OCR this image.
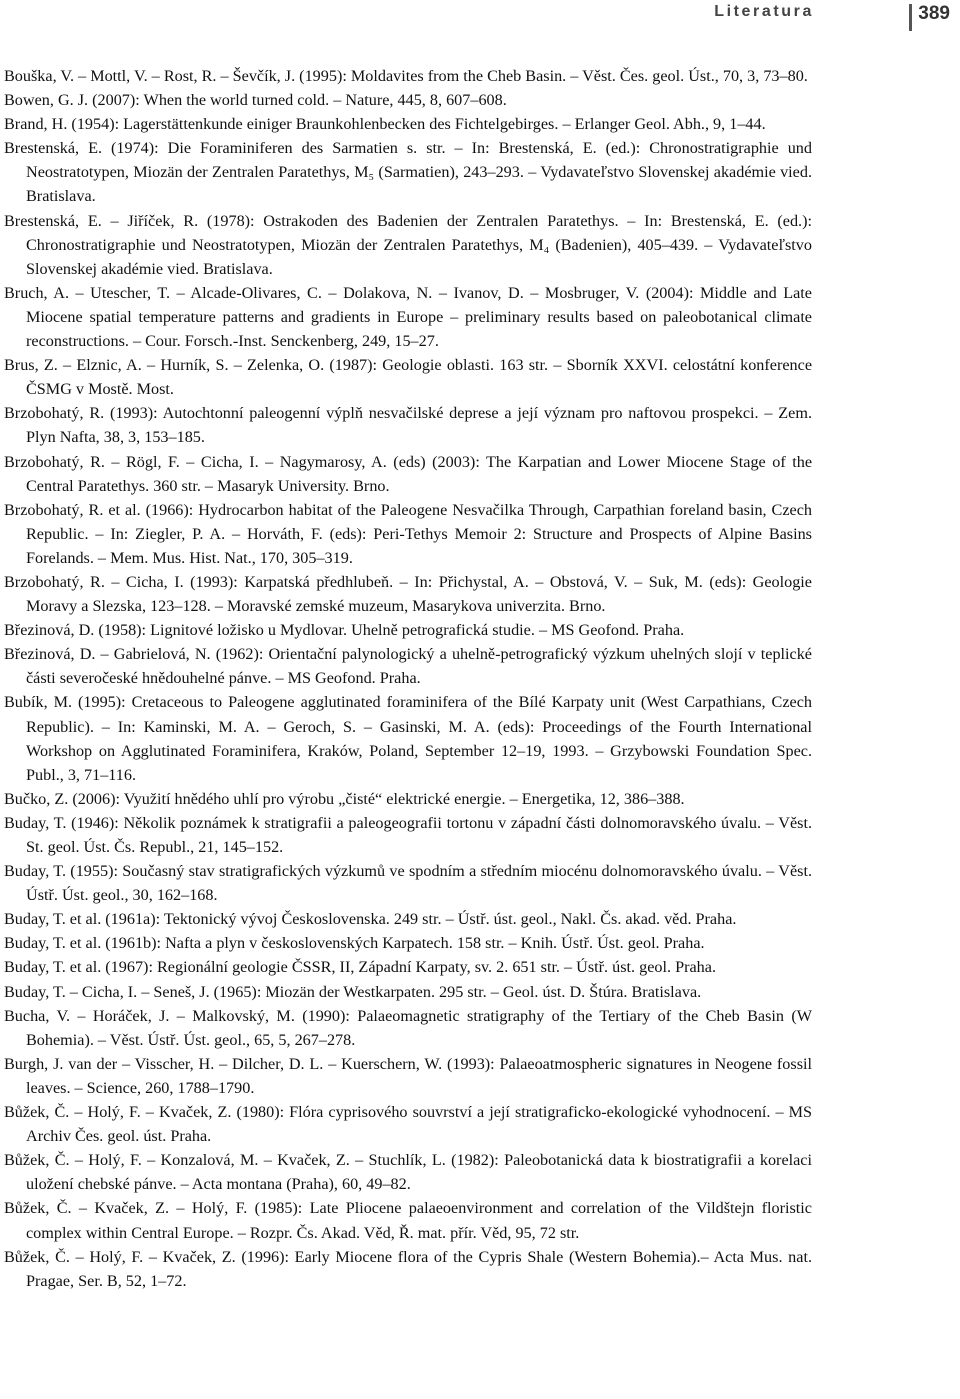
Literatura	389

Bouška, V. – Mottl, V. – Rost, R. – Ševčík, J. (1995): Moldavites from the Cheb Basin. – Věst. Čes. geol. Úst., 70, 3, 73–80.

Bowen, G. J. (2007): When the world turned cold. – Nature, 445, 8, 607–608.

Brand, H. (1954): Lagerstättenkunde einiger Braunkohlenbecken des Fichtelgebirges. – Erlanger Geol. Abh., 9, 1–44.

Brestenská, E. (1974): Die Foraminiferen des Sarmatien s. str. – In: Brestenská, E. (ed.): Chronostratigraphie und Neostratotypen, Miozän der Zentralen Paratethys, M₅ (Sarmatien), 243–293. – Vydavateľstvo Slovenskej akadémie vied. Bratislava.

Brestenská, E. – Jiříček, R. (1978): Ostrakoden des Badenien der Zentralen Paratethys. – In: Brestenská, E. (ed.): Chronostratigraphie und Neostratotypen, Miozän der Zentralen Paratethys, M₄ (Badenien), 405–439. – Vydavateľstvo Slovenskej akadémie vied. Bratislava.

Bruch, A. – Utescher, T. – Alcade-Olivares, C. – Dolakova, N. – Ivanov, D. – Mosbruger, V. (2004): Middle and Late Miocene spatial temperature patterns and gradients in Europe – preliminary results based on paleobotanical climate reconstructions. – Cour. Forsch.-Inst. Senckenberg, 249, 15–27.

Brus, Z. – Elznic, A. – Hurník, S. – Zelenka, O. (1987): Geologie oblasti. 163 str. – Sborník XXVI. celostátní konference ČSMG v Mostě. Most.

Brzobohatý, R. (1993): Autochtonní paleogenní výplň nesvačilské deprese a její význam pro naftovou prospekci. – Zem. Plyn Nafta, 38, 3, 153–185.

Brzobohatý, R. – Rögl, F. – Cicha, I. – Nagymarosy, A. (eds) (2003): The Karpatian and Lower Miocene Stage of the Central Paratethys. 360 str. – Masaryk University. Brno.

Brzobohatý, R. et al. (1966): Hydrocarbon habitat of the Paleogene Nesvačilka Through, Carpathian foreland basin, Czech Republic. – In: Ziegler, P. A. – Horváth, F. (eds): Peri-Tethys Memoir 2: Structure and Prospects of Alpine Basins Forelands. – Mem. Mus. Hist. Nat., 170, 305–319.

Brzobohatý, R. – Cicha, I. (1993): Karpatská předhlubeň. – In: Přichystal, A. – Obstová, V. – Suk, M. (eds): Geologie Moravy a Slezska, 123–128. – Moravské zemské muzeum, Masarykova univerzita. Brno.

Březinová, D. (1958): Lignitové ložisko u Mydlovar. Uhelně petrografická studie. – MS Geofond. Praha.

Březinová, D. – Gabrielová, N. (1962): Orientační palynologický a uhelně-petrografický výzkum uhelných slojí v teplické části severočeské hnědouhelné pánve. – MS Geofond. Praha.

Bubík, M. (1995): Cretaceous to Paleogene agglutinated foraminifera of the Bílé Karpaty unit (West Carpathians, Czech Republic). – In: Kaminski, M. A. – Geroch, S. – Gasinski, M. A. (eds): Proceedings of the Fourth International Workshop on Agglutinated Foraminifera, Kraków, Poland, September 12–19, 1993. – Grzybowski Foundation Spec. Publ., 3, 71–116.

Bučko, Z. (2006): Využití hnědého uhlí pro výrobu „čisté“ elektrické energie. – Energetika, 12, 386–388.

Buday, T. (1946): Několik poznámek k stratigrafii a paleogeografii tortonu v západní části dolnomoravského úvalu. – Věst. St. geol. Úst. Čs. Republ., 21, 145–152.

Buday, T. (1955): Současný stav stratigrafických výzkumů ve spodním a středním miocénu dolnomoravského úvalu. – Věst. Ústř. Úst. geol., 30, 162–168.

Buday, T. et al. (1961a): Tektonický vývoj Československa. 249 str. – Ústř. úst. geol., Nakl. Čs. akad. věd. Praha.

Buday, T. et al. (1961b): Nafta a plyn v československých Karpatech. 158 str. – Knih. Ústř. Úst. geol. Praha.

Buday, T. et al. (1967): Regionální geologie ČSSR, II, Západní Karpaty, sv. 2. 651 str. – Ústř. úst. geol. Praha.

Buday, T. – Cicha, I. – Seneš, J. (1965): Miozän der Westkarpaten. 295 str. – Geol. úst. D. Štúra. Bratislava.

Bucha, V. – Horáček, J. – Malkovský, M. (1990): Palaeomagnetic stratigraphy of the Tertiary of the Cheb Basin (W Bohemia). – Věst. Ústř. Úst. geol., 65, 5, 267–278.

Burgh, J. van der – Visscher, H. – Dilcher, D. L. – Kuerschern, W. (1993): Palaeoatmospheric signatures in Neogene fossil leaves. – Science, 260, 1788–1790.

Bůžek, Č. – Holý, F. – Kvaček, Z. (1980): Flóra cyprisového souvrství a její stratigraficko-ekologické vyhodnocení. – MS Archiv Čes. geol. úst. Praha.

Bůžek, Č. – Holý, F. – Konzalová, M. – Kvaček, Z. – Stuchlík, L. (1982): Paleobotanická data k biostratigrafii a korelaci uložení chebské pánve. – Acta montana (Praha), 60, 49–82.

Bůžek, Č. – Kvaček, Z. – Holý, F. (1985): Late Pliocene palaeoenvironment and correlation of the Vildštejn floristic complex within Central Europe. – Rozpr. Čs. Akad. Věd, Ř. mat. přír. Věd, 95, 72 str.

Bůžek, Č. – Holý, F. – Kvaček, Z. (1996): Early Miocene flora of the Cypris Shale (Western Bohemia).– Acta Mus. nat. Pragae, Ser. B, 52, 1–72.
